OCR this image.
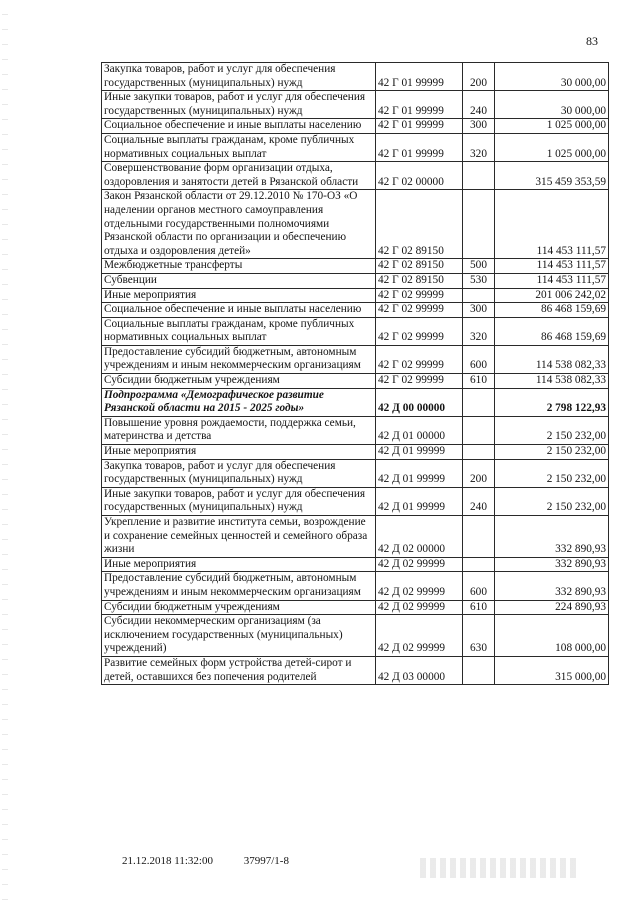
83
Закупка товаров, работ и услуг для обеспечения государственных (муниципальных) нужд	42 Г 01 99999	200	30 000,00
Иные закупки товаров, работ и услуг для обеспечения государственных (муниципальных) нужд	42 Г 01 99999	240	30 000,00
Социальное обеспечение и иные выплаты населению	42 Г 01 99999	300	1 025 000,00
Социальные выплаты гражданам, кроме публичных нормативных социальных выплат	42 Г 01 99999	320	1 025 000,00
Совершенствование форм организации отдыха, оздоровления и занятости детей в Рязанской области	42 Г 02 00000		315 459 353,59
Закон Рязанской области от 29.12.2010 № 170-ОЗ «О наделении органов местного самоуправления отдельными государственными полномочиями Рязанской области по организации и обеспечению отдыха и оздоровления детей»	42 Г 02 89150		114 453 111,57
Межбюджетные трансферты	42 Г 02 89150	500	114 453 111,57
Субвенции	42 Г 02 89150	530	114 453 111,57
Иные мероприятия	42 Г 02 99999		201 006 242,02
Социальное обеспечение и иные выплаты населению	42 Г 02 99999	300	86 468 159,69
Социальные выплаты гражданам, кроме публичных нормативных социальных выплат	42 Г 02 99999	320	86 468 159,69
Предоставление субсидий бюджетным, автономным учреждениям и иным некоммерческим организациям	42 Г 02 99999	600	114 538 082,33
Субсидии бюджетным учреждениям	42 Г 02 99999	610	114 538 082,33
Подпрограмма «Демографическое развитие Рязанской области на 2015 - 2025 годы»	42 Д 00 00000		2 798 122,93
Повышение уровня рождаемости, поддержка семьи, материнства и детства	42 Д 01 00000		2 150 232,00
Иные мероприятия	42 Д 01 99999		2 150 232,00
Закупка товаров, работ и услуг для обеспечения государственных (муниципальных) нужд	42 Д 01 99999	200	2 150 232,00
Иные закупки товаров, работ и услуг для обеспечения государственных (муниципальных) нужд	42 Д 01 99999	240	2 150 232,00
Укрепление и развитие института семьи, возрождение и сохранение семейных ценностей и семейного образа жизни	42 Д 02 00000		332 890,93
Иные мероприятия	42 Д 02 99999		332 890,93
Предоставление субсидий бюджетным, автономным учреждениям и иным некоммерческим организациям	42 Д 02 99999	600	332 890,93
Субсидии бюджетным учреждениям	42 Д 02 99999	610	224 890,93
Субсидии некоммерческим организациям (за исключением государственных (муниципальных) учреждений)	42 Д 02 99999	630	108 000,00
Развитие семейных форм устройства детей-сирот и детей, оставшихся без попечения родителей	42 Д 03 00000		315 000,00
21.12.2018 11:32:00	37997/1-8
